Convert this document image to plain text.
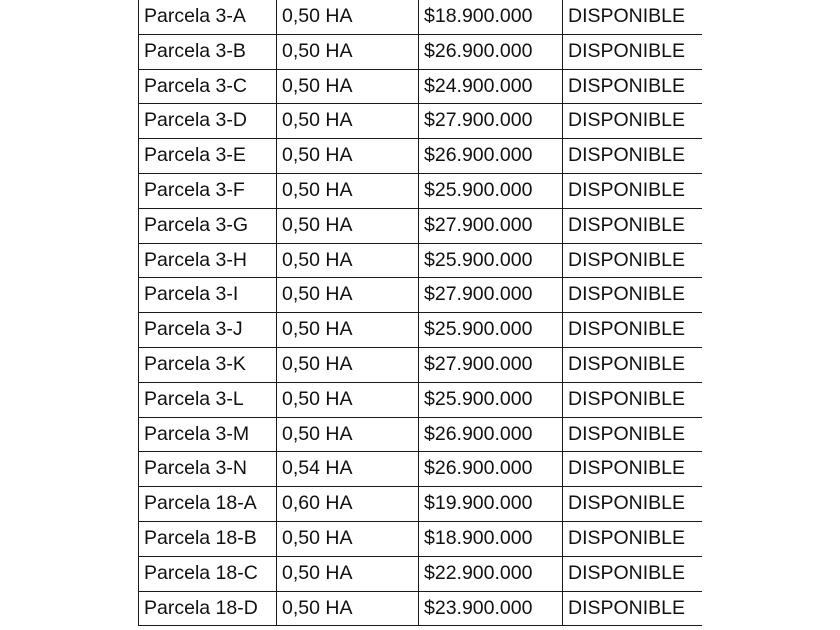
Parcela 3-A	0,50 HA	$18.900.000	DISPONIBLE
Parcela 3-B	0,50 HA	$26.900.000	DISPONIBLE
Parcela 3-C	0,50 HA	$24.900.000	DISPONIBLE
Parcela 3-D	0,50 HA	$27.900.000	DISPONIBLE
Parcela 3-E	0,50 HA	$26.900.000	DISPONIBLE
Parcela 3-F	0,50 HA	$25.900.000	DISPONIBLE
Parcela 3-G	0,50 HA	$27.900.000	DISPONIBLE
Parcela 3-H	0,50 HA	$25.900.000	DISPONIBLE
Parcela 3-I	0,50 HA	$27.900.000	DISPONIBLE
Parcela 3-J	0,50 HA	$25.900.000	DISPONIBLE
Parcela 3-K	0,50 HA	$27.900.000	DISPONIBLE
Parcela 3-L	0,50 HA	$25.900.000	DISPONIBLE
Parcela 3-M	0,50 HA	$26.900.000	DISPONIBLE
Parcela 3-N	0,54 HA	$26.900.000	DISPONIBLE
Parcela 18-A	0,60 HA	$19.900.000	DISPONIBLE
Parcela 18-B	0,50 HA	$18.900.000	DISPONIBLE
Parcela 18-C	0,50 HA	$22.900.000	DISPONIBLE
Parcela 18-D	0,50 HA	$23.900.000	DISPONIBLE
